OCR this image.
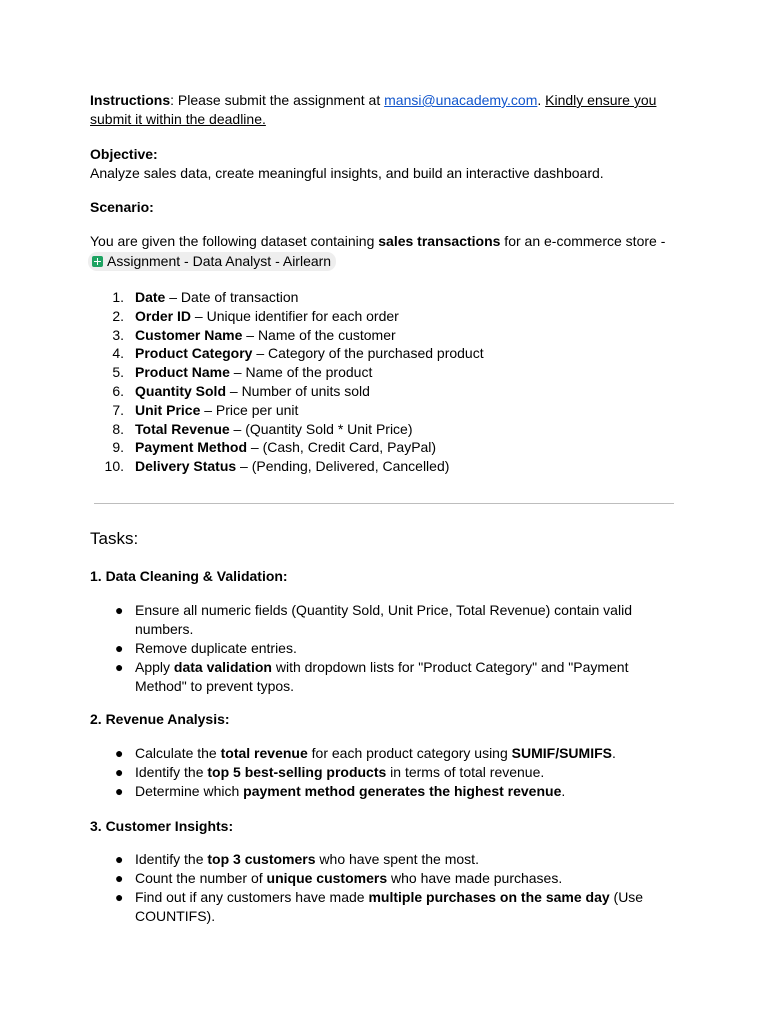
Instructions: Please submit the assignment at mansi@unacademy.com. Kindly ensure you submit it within the deadline.
Objective:
Analyze sales data, create meaningful insights, and build an interactive dashboard.
Scenario:
You are given the following dataset containing sales transactions for an e-commerce store -
Assignment - Data Analyst - Airlearn
1. Date – Date of transaction
2. Order ID – Unique identifier for each order
3. Customer Name – Name of the customer
4. Product Category – Category of the purchased product
5. Product Name – Name of the product
6. Quantity Sold – Number of units sold
7. Unit Price – Price per unit
8. Total Revenue – (Quantity Sold * Unit Price)
9. Payment Method – (Cash, Credit Card, PayPal)
10. Delivery Status – (Pending, Delivered, Cancelled)
Tasks:
1. Data Cleaning & Validation:
● Ensure all numeric fields (Quantity Sold, Unit Price, Total Revenue) contain valid numbers.
● Remove duplicate entries.
● Apply data validation with dropdown lists for "Product Category" and "Payment Method" to prevent typos.
2. Revenue Analysis:
● Calculate the total revenue for each product category using SUMIF/SUMIFS.
● Identify the top 5 best-selling products in terms of total revenue.
● Determine which payment method generates the highest revenue.
3. Customer Insights:
● Identify the top 3 customers who have spent the most.
● Count the number of unique customers who have made purchases.
● Find out if any customers have made multiple purchases on the same day (Use COUNTIFS).
